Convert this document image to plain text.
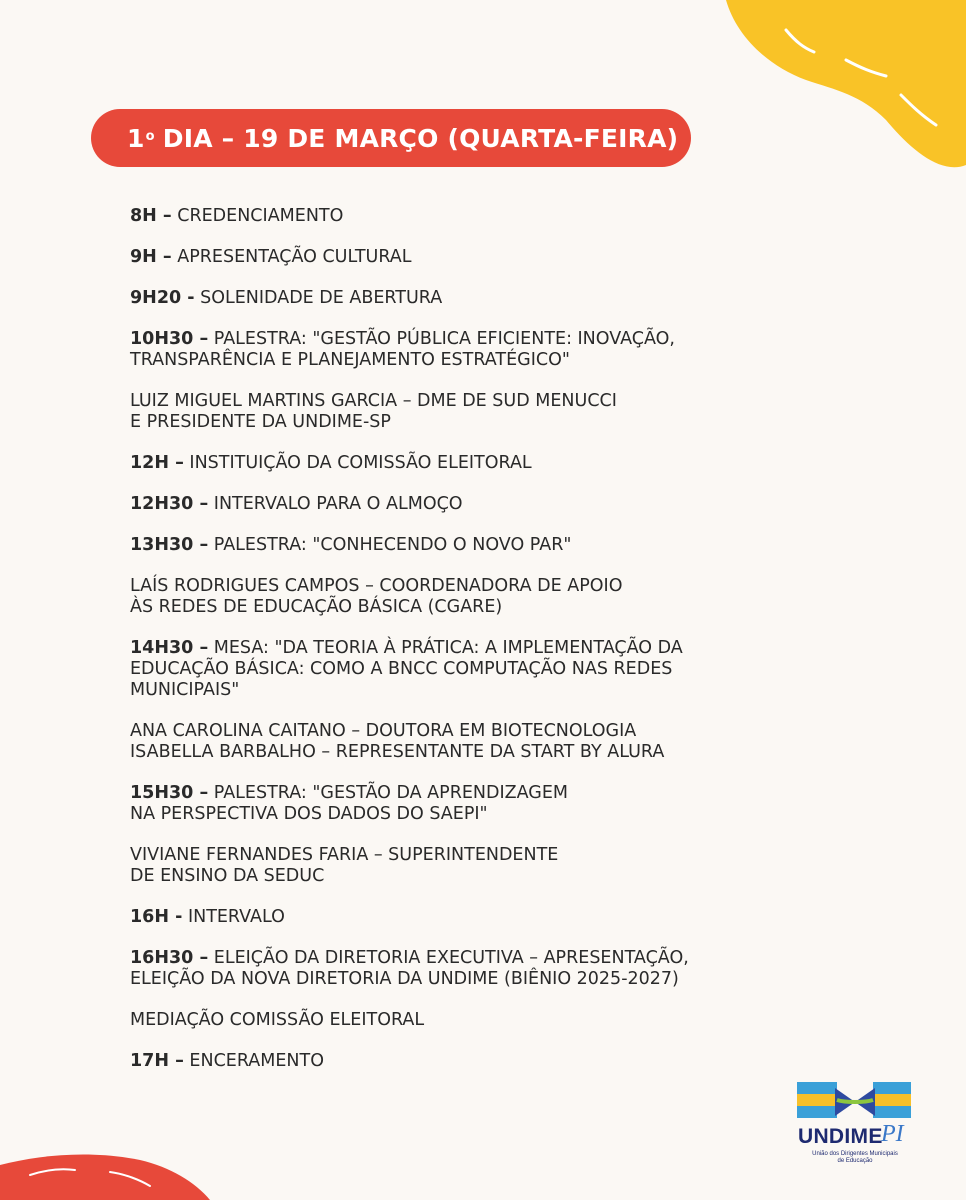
1$^o$ DIA – 19 DE MARÇO (QUARTA-FEIRA)
8H – CREDENCIAMENTO
9H – APRESENTAÇÃO CULTURAL
9H20 - SOLENIDADE DE ABERTURA
10H30 – PALESTRA: "GESTÃO PÚBLICA EFICIENTE: INOVAÇÃO,
TRANSPARÊNCIA E PLANEJAMENTO ESTRATÉGICO"
LUIZ MIGUEL MARTINS GARCIA – DME DE SUD MENUCCI
E PRESIDENTE DA UNDIME-SP
12H – INSTITUIÇÃO DA COMISSÃO ELEITORAL
12H30 – INTERVALO PARA O ALMOÇO
13H30 – PALESTRA: "CONHECENDO O NOVO PAR"
LAÍS RODRIGUES CAMPOS – COORDENADORA DE APOIO
ÀS REDES DE EDUCAÇÃO BÁSICA (CGARE)
14H30 – MESA: "DA TEORIA À PRÁTICA: A IMPLEMENTAÇÃO DA
EDUCAÇÃO BÁSICA: COMO A BNCC COMPUTAÇÃO NAS REDES
MUNICIPAIS"
ANA CAROLINA CAITANO – DOUTORA EM BIOTECNOLOGIA
ISABELLA BARBALHO – REPRESENTANTE DA START BY ALURA
15H30 – PALESTRA: "GESTÃO DA APRENDIZAGEM
NA PERSPECTIVA DOS DADOS DO SAEPI"
VIVIANE FERNANDES FARIA – SUPERINTENDENTE
DE ENSINO DA SEDUC
16H - INTERVALO
16H30 – ELEIÇÃO DA DIRETORIA EXECUTIVA – APRESENTAÇÃO,
ELEIÇÃO DA NOVA DIRETORIA DA UNDIME (BIÊNIO 2025-2027)
MEDIAÇÃO COMISSÃO ELEITORAL
17H – ENCERAMENTO
UNDIME
PI
União dos Dirigentes Municipais
de Educação
